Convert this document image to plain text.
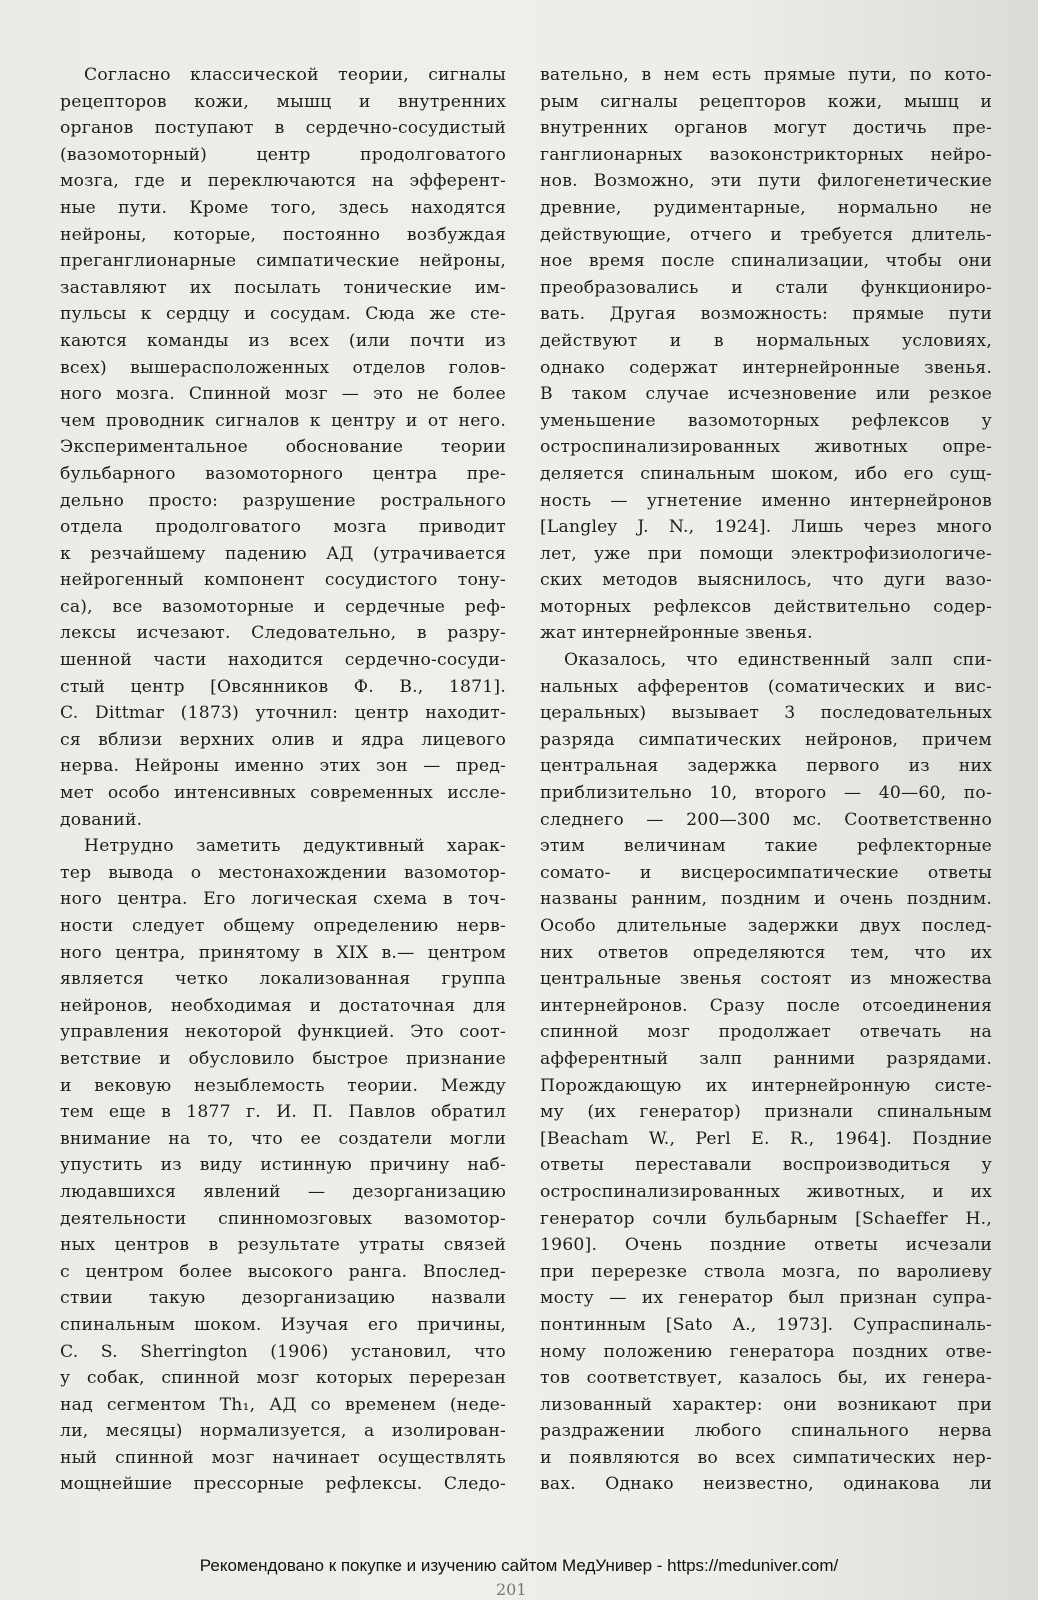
Согласно классической теории, сигналы
рецепторов кожи, мышц и внутренних
органов поступают в сердечно-сосудистый
(вазомоторный) центр продолговатого
мозга, где и переключаются на эфферент-
ные пути. Кроме того, здесь находятся
нейроны, которые, постоянно возбуждая
преганглионарные симпатические нейроны,
заставляют их посылать тонические им-
пульсы к сердцу и сосудам. Сюда же сте-
каются команды из всех (или почти из
всех) вышерасположенных отделов голов-
ного мозга. Спинной мозг — это не более
чем проводник сигналов к центру и от него.
Экспериментальное обоснование теории
бульбарного вазомоторного центра пре-
дельно просто: разрушение рострального
отдела продолговатого мозга приводит
к резчайшему падению АД (утрачивается
нейрогенный компонент сосудистого тону-
са), все вазомоторные и сердечные реф-
лексы исчезают. Следовательно, в разру-
шенной части находится сердечно-сосуди-
стый центр [Овсянников Ф. В., 1871].
C. Dittmar (1873) уточнил: центр находит-
ся вблизи верхних олив и ядра лицевого
нерва. Нейроны именно этих зон — пред-
мет особо интенсивных современных иссле-
дований.
Нетрудно заметить дедуктивный харак-
тер вывода о местонахождении вазомотор-
ного центра. Его логическая схема в точ-
ности следует общему определению нерв-
ного центра, принятому в XIX в.— центром
является четко локализованная группа
нейронов, необходимая и достаточная для
управления некоторой функцией. Это соот-
ветствие и обусловило быстрое признание
и вековую незыблемость теории. Между
тем еще в 1877 г. И. П. Павлов обратил
внимание на то, что ее создатели могли
упустить из виду истинную причину наб-
людавшихся явлений — дезорганизацию
деятельности спинномозговых вазомотор-
ных центров в результате утраты связей
с центром более высокого ранга. Впослед-
ствии такую дезорганизацию назвали
спинальным шоком. Изучая его причины,
C. S. Sherrington (1906) установил, что
у собак, спинной мозг которых перерезан
над сегментом Th₁, АД со временем (неде-
ли, месяцы) нормализуется, а изолирован-
ный спинной мозг начинает осуществлять
мощнейшие прессорные рефлексы. Следо-
вательно, в нем есть прямые пути, по кото-
рым сигналы рецепторов кожи, мышц и
внутренних органов могут достичь пре-
ганглионарных вазоконстрикторных нейро-
нов. Возможно, эти пути филогенетические
древние, рудиментарные, нормально не
действующие, отчего и требуется длитель-
ное время после спинализации, чтобы они
преобразовались и стали функциониро-
вать. Другая возможность: прямые пути
действуют и в нормальных условиях,
однако содержат интернейронные звенья.
В таком случае исчезновение или резкое
уменьшение вазомоторных рефлексов у
остроспинализированных животных опре-
деляется спинальным шоком, ибо его сущ-
ность — угнетение именно интернейронов
[Langley J. N., 1924]. Лишь через много
лет, уже при помощи электрофизиологиче-
ских методов выяснилось, что дуги вазо-
моторных рефлексов действительно содер-
жат интернейронные звенья.
Оказалось, что единственный залп спи-
нальных афферентов (соматических и вис-
церальных) вызывает 3 последовательных
разряда симпатических нейронов, причем
центральная задержка первого из них
приблизительно 10, второго — 40—60, по-
следнего — 200—300 мс. Соответственно
этим величинам такие рефлекторные
сомато- и висцеросимпатические ответы
названы ранним, поздним и очень поздним.
Особо длительные задержки двух послед-
них ответов определяются тем, что их
центральные звенья состоят из множества
интернейронов. Сразу после отсоединения
спинной мозг продолжает отвечать на
афферентный залп ранними разрядами.
Порождающую их интернейронную систе-
му (их генератор) признали спинальным
[Beacham W., Perl E. R., 1964]. Поздние
ответы переставали воспроизводиться у
остроспинализированных животных, и их
генератор сочли бульбарным [Schaeffer H.,
1960]. Очень поздние ответы исчезали
при перерезке ствола мозга, по варолиеву
мосту — их генератор был признан супра-
понтинным [Sato A., 1973]. Супраспиналь-
ному положению генератора поздних отве-
тов соответствует, казалось бы, их генера-
лизованный характер: они возникают при
раздражении любого спинального нерва
и появляются во всех симпатических нер-
вах. Однако неизвестно, одинакова ли
201
Рекомендовано к покупке и изучению сайтом МедУнивер - https://meduniver.com/
